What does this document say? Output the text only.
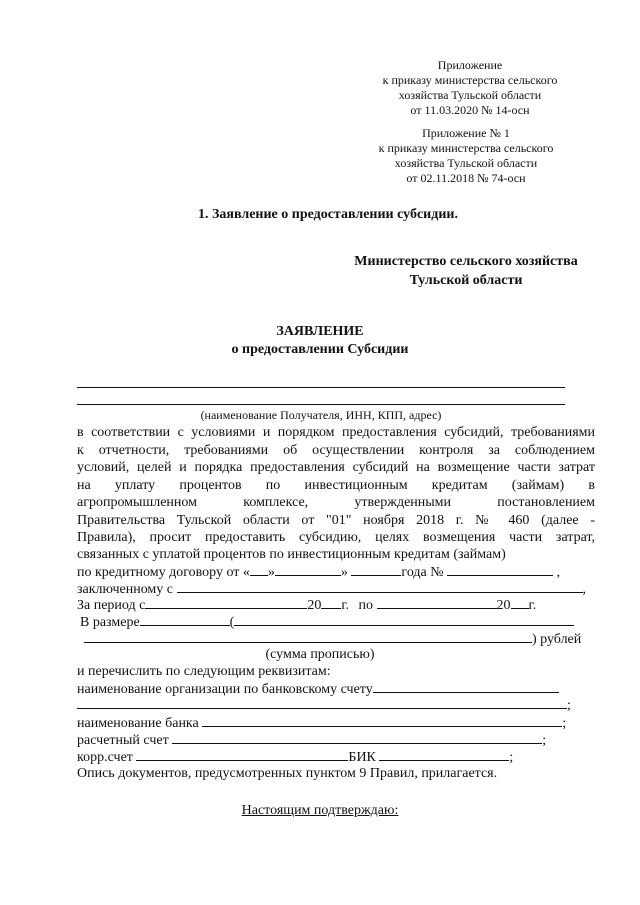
Приложение
к приказу министерства сельского
хозяйства Тульской области
от 11.03.2020 № 14-осн
Приложение № 1
к приказу министерства сельского
хозяйства Тульской области
от 02.11.2018 № 74-осн
1. Заявление о предоставлении субсидии.
Министерство сельского хозяйства
Тульской области
ЗАЯВЛЕНИЕ
о предоставлении Субсидии
(наименование Получателя, ИНН, КПП, адрес)
в соответствии с условиями и порядком предоставления субсидий, требованиями
к отчетности, требованиями об осуществлении контроля за соблюдением
условий, целей и порядка предоставления субсидий на возмещение части затрат
на уплату процентов по инвестиционным кредитам (займам) в
агропромышленном комплексе, утвержденными постановлением
Правительства Тульской области от "01" ноября 2018 г. № 460 (далее -
Правила), просит предоставить субсидию, целях возмещения части затрат,
связанных с уплатой процентов по инвестиционным кредитам (займам)
по кредитному договору от « »	»	года №	,
заключенному с	,
За период с	20 г. по	20 г.
В размере	(
) рублей
(сумма прописью)
и перечислить по следующим реквизитам:
наименование организации по банковскому счету
;
наименование банка	;
расчетный счет	;
корр.счет	БИК	;
Опись документов, предусмотренных пунктом 9 Правил, прилагается.
Настоящим подтверждаю:
